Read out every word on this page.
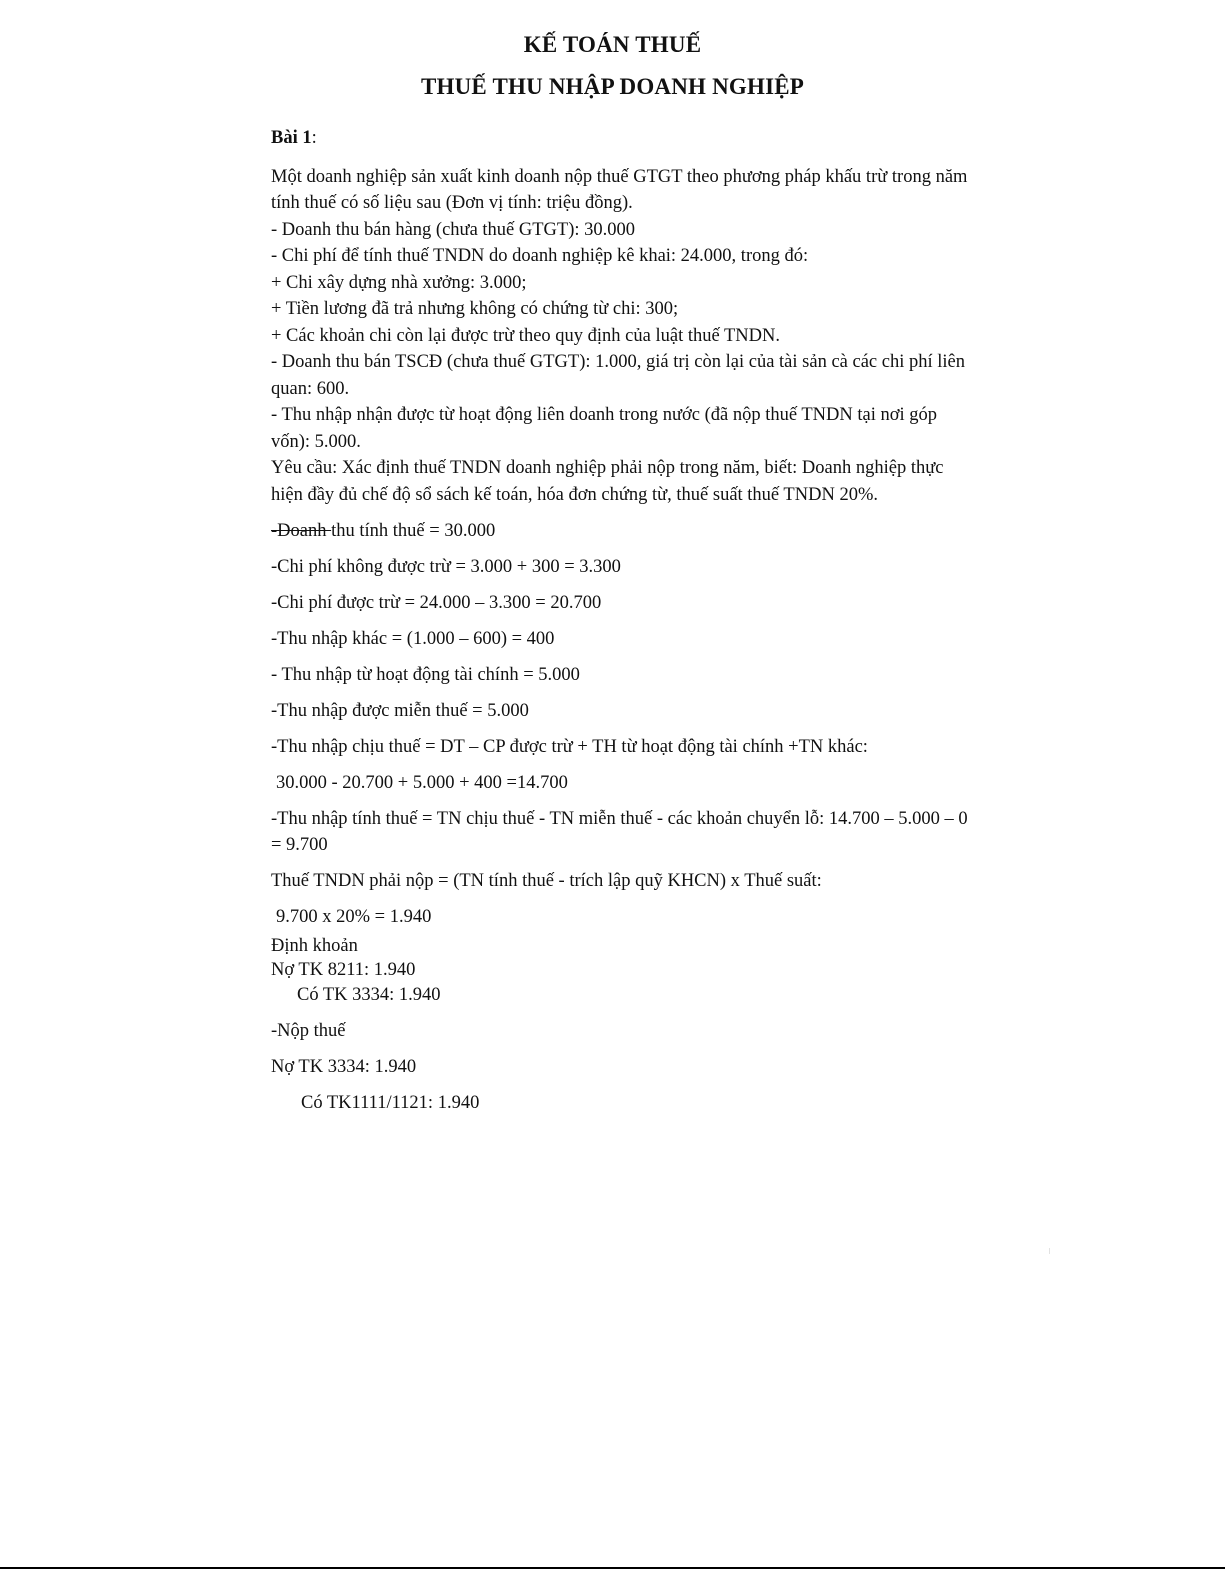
KẾ TOÁN THUẾ
THUẾ THU NHẬP DOANH NGHIỆP
Bài 1:

Một doanh nghiệp sản xuất kinh doanh nộp thuế GTGT theo phương pháp khấu trừ trong năm tính thuế có số liệu sau (Đơn vị tính: triệu đồng).

- Doanh thu bán hàng (chưa thuế GTGT): 30.000

- Chi phí để tính thuế TNDN do doanh nghiệp kê khai: 24.000, trong đó:

+ Chi xây dựng nhà xưởng: 3.000;

+ Tiền lương đã trả nhưng không có chứng từ chi: 300;

+ Các khoản chi còn lại được trừ theo quy định của luật thuế TNDN.

- Doanh thu bán TSCĐ (chưa thuế GTGT): 1.000, giá trị còn lại của tài sản cà các chi phí liên quan: 600.

- Thu nhập nhận được từ hoạt động liên doanh trong nước (đã nộp thuế TNDN tại nơi góp vốn): 5.000.

Yêu cầu: Xác định thuế TNDN doanh nghiệp phải nộp trong năm, biết: Doanh nghiệp thực hiện đầy đủ chế độ sổ sách kế toán, hóa đơn chứng từ, thuế suất thuế TNDN 20%.

-Doanh thu tính thuế = 30.000

-Chi phí không được trừ = 3.000 + 300 = 3.300

-Chi phí được trừ = 24.000 – 3.300 = 20.700

-Thu nhập khác = (1.000 – 600) = 400

- Thu nhập từ hoạt động tài chính = 5.000

-Thu nhập được miễn thuế = 5.000

-Thu nhập chịu thuế = DT – CP được trừ + TH từ hoạt động tài chính +TN khác:

30.000 - 20.700 + 5.000 + 400 =14.700

-Thu nhập tính thuế = TN chịu thuế - TN miễn thuế - các khoản chuyển lỗ: 14.700 – 5.000 – 0 = 9.700

Thuế TNDN phải nộp = (TN tính thuế - trích lập quỹ KHCN) x Thuế suất:

9.700 x 20% = 1.940

Định khoản

Nợ TK 8211: 1.940

Có TK 3334: 1.940

-Nộp thuế

Nợ TK 3334: 1.940

Có TK1111/1121: 1.940
